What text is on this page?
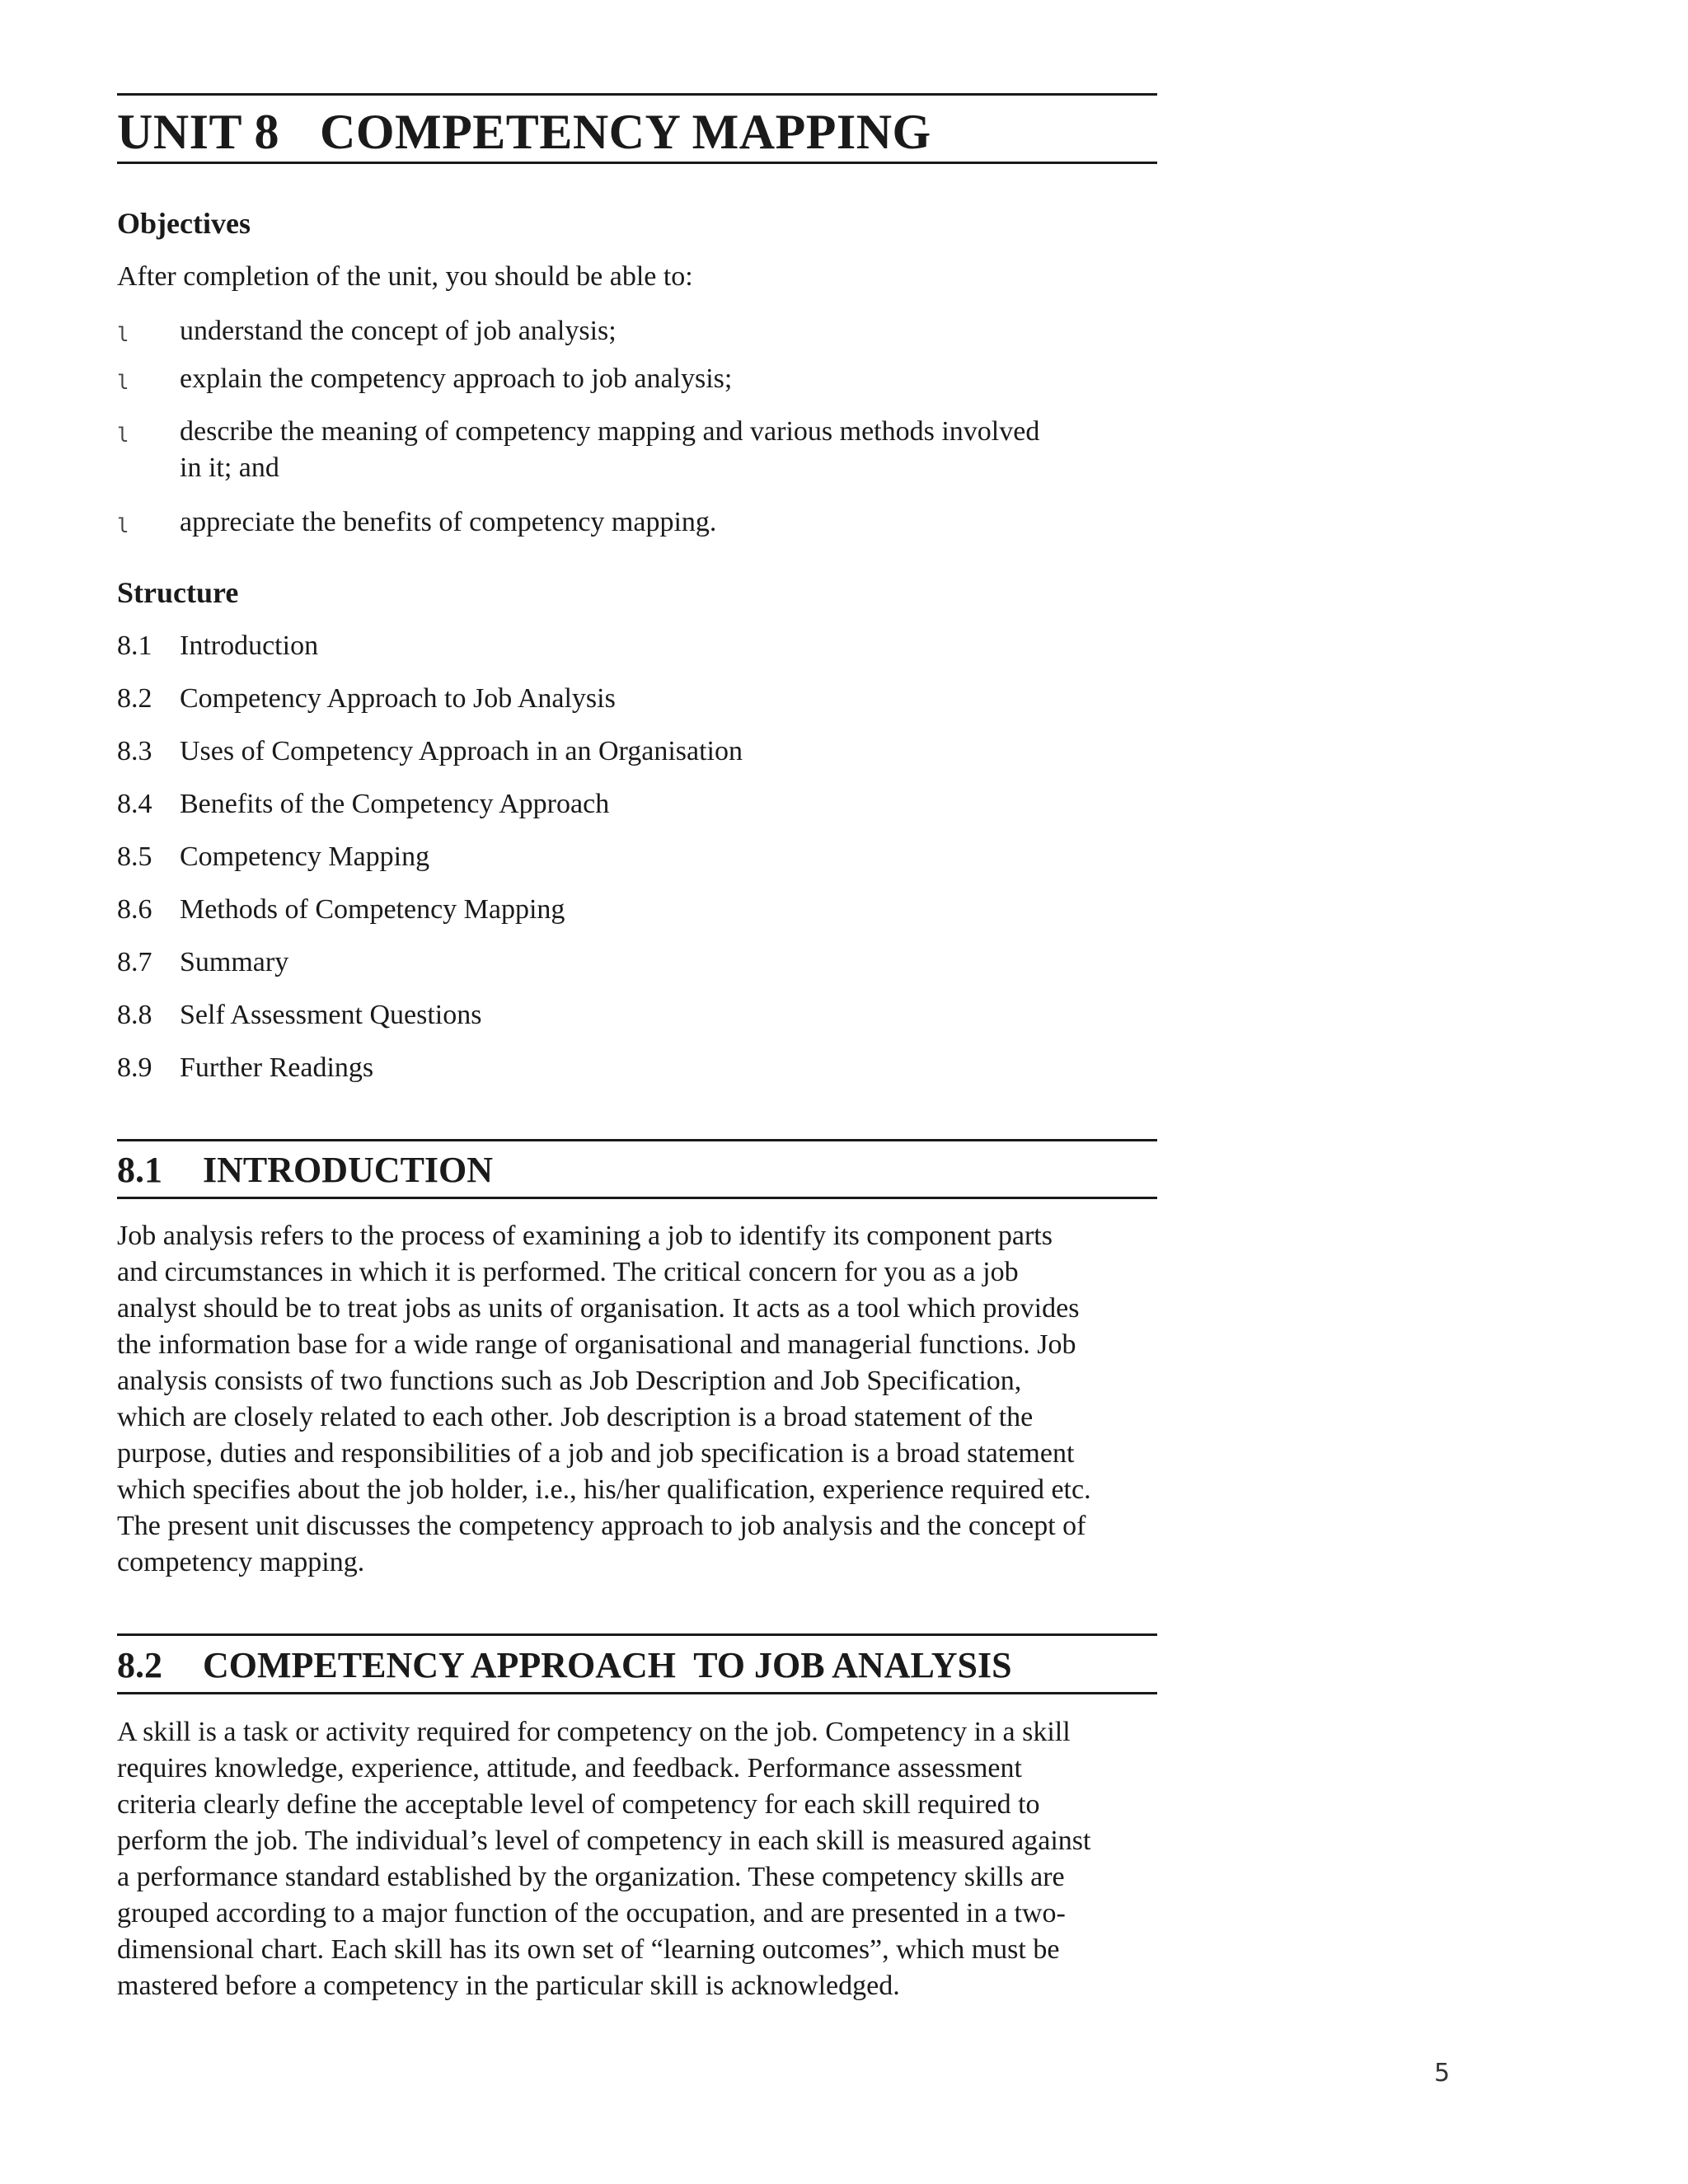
UNIT 8 COMPETENCY MAPPING
Objectives
After completion of the unit, you should be able to:
l understand the concept of job analysis;
l explain the competency approach to job analysis;
l describe the meaning of competency mapping and various methods involved
in it; and
l appreciate the benefits of competency mapping.
Structure
8.1 Introduction
8.2 Competency Approach to Job Analysis
8.3 Uses of Competency Approach in an Organisation
8.4 Benefits of the Competency Approach
8.5 Competency Mapping
8.6 Methods of Competency Mapping
8.7 Summary
8.8 Self Assessment Questions
8.9 Further Readings
8.1 INTRODUCTION
Job analysis refers to the process of examining a job to identify its component parts
and circumstances in which it is performed. The critical concern for you as a job
analyst should be to treat jobs as units of organisation. It acts as a tool which provides
the information base for a wide range of organisational and managerial functions. Job
analysis consists of two functions such as Job Description and Job Specification,
which are closely related to each other. Job description is a broad statement of the
purpose, duties and responsibilities of a job and job specification is a broad statement
which specifies about the job holder, i.e., his/her qualification, experience required etc.
The present unit discusses the competency approach to job analysis and the concept of
competency mapping.
8.2 COMPETENCY APPROACH  TO JOB ANALYSIS
A skill is a task or activity required for competency on the job. Competency in a skill
requires knowledge, experience, attitude, and feedback. Performance assessment
criteria clearly define the acceptable level of competency for each skill required to
perform the job. The individual’s level of competency in each skill is measured against
a performance standard established by the organization. These competency skills are
grouped according to a major function of the occupation, and are presented in a two-
dimensional chart. Each skill has its own set of “learning outcomes”, which must be
mastered before a competency in the particular skill is acknowledged.
5
